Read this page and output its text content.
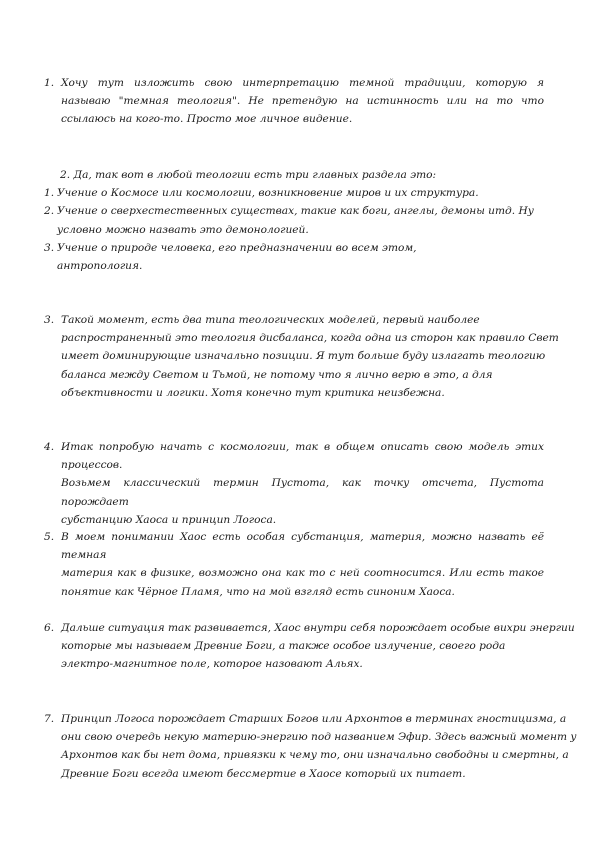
1. Хочу тут изложить свою интерпретацию темной традиции, которую я
называю "темная теология". Не претендую на истинность или на то что
ссылаюсь на кого-то. Просто мое личное видение.
2. Да, так вот в любой теологии есть три главных раздела это:
1. Учение о Космосе или космологии, возникновение миров и их структура.
2. Учение о сверхестественных существах, такие как боги, ангелы, демоны итд. Ну
условно можно назвать это демонологией.
3. Учение о природе человека, его предназначении во всем этом,
антропология.
3. Такой момент, есть два типа теологических моделей, первый наиболее
распространенный это теология дисбаланса, когда одна из сторон как правило Свет
имеет доминирующие изначально позиции. Я тут больше буду излагать теологию
баланса между Светом и Тьмой, не потому что я лично верю в это, а для
объективности и логики. Хотя конечно тут критика неизбежна.
4. Итак попробую начать с космологии, так в общем описать свою модель этих процессов.
Возьмем классический термин Пустота, как точку отсчета, Пустота порождает
субстанцию Хаоса и принцип Логоса.
5. В моем понимании Хаос есть особая субстанция, материя, можно назвать её темная
материя как в физике, возможно она как то с ней соотносится. Или есть такое
понятие как Чёрное Пламя, что на мой взгляд есть синоним Хаоса.
6. Дальше ситуация так развивается, Хаос внутри себя порождает особые вихри энергии
которые мы называем Древние Боги, а также особое излучение, своего рода
электро-магнитное поле, которое назовают Альях.
7. Принцип Логоса порождает Старших Богов или Архонтов в терминах гностицизма, а
они свою очередь некую материю-энергию под названием Эфир. Здесь важный момент у
Архонтов как бы нет дома, привязки к чему то, они изначально свободны и смертны, а
Древние Боги всегда имеют бессмертие в Хаосе который их питает.
